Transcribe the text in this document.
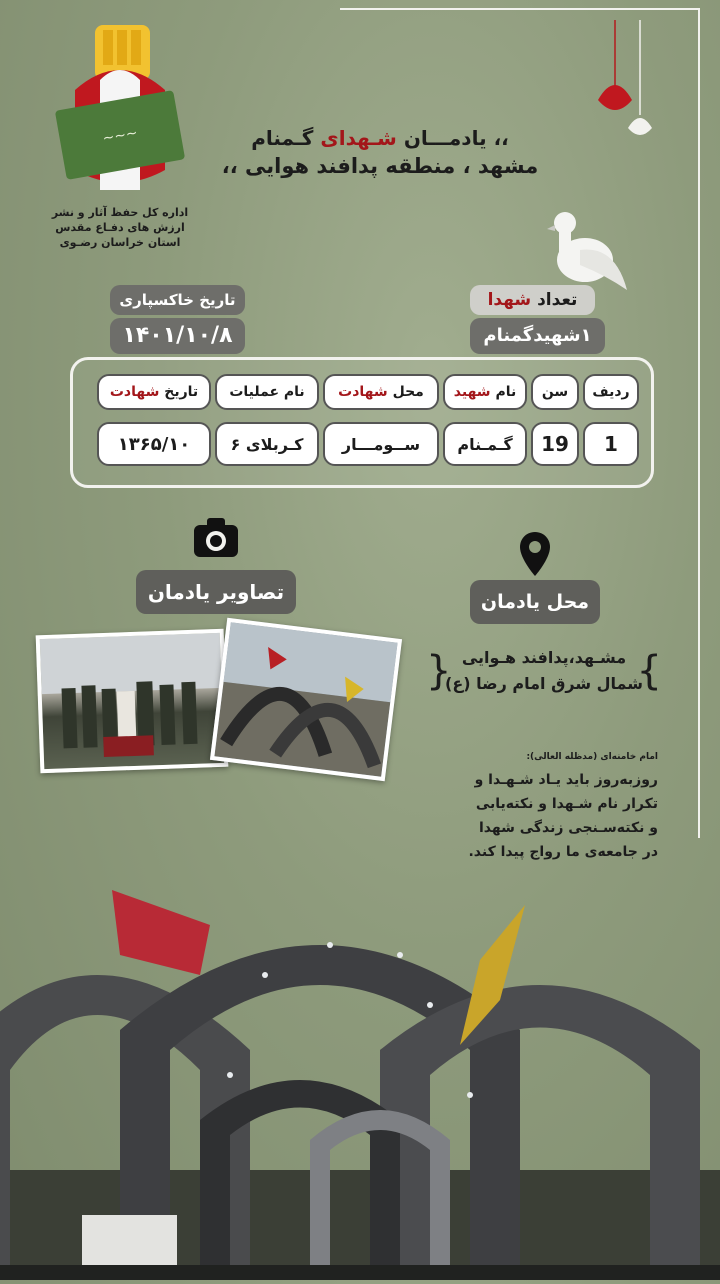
~~~
اداره کل حفظ آثار و نشر
ارزش های دفـاع مقدس
استان خراسان رضـوی
،، یادمـــان شـهدای گـمنام
مشهد ، منطقه پدافند هوایی ،،
تاریخ خاکسپاری
۱۴۰۱/۱۰/۸
تعداد شهدا
۱شهیدگمنام
ردیف
سن
نام

شهید
محل

شهادت
نام عملیات
تاریخ

شهادت
1
19
گـمـنام
ســومـــار
کـربلای ۶
۱۳۶۵/۱۰
تصاویر یادمان	محل یادمان
مشـهد،پدافند هـوایی
شمال شرق امام رضا (ع)
{	}
امام خامنه‌ای (مدظله العالی):
روزبه‌روز باید یـاد شـهـدا و
تکرار نام شـهدا و نکته‌یابی
و نکته‌سـنجی زندگی شهدا
در جامعه‌ی ما رواج پیدا کند.
